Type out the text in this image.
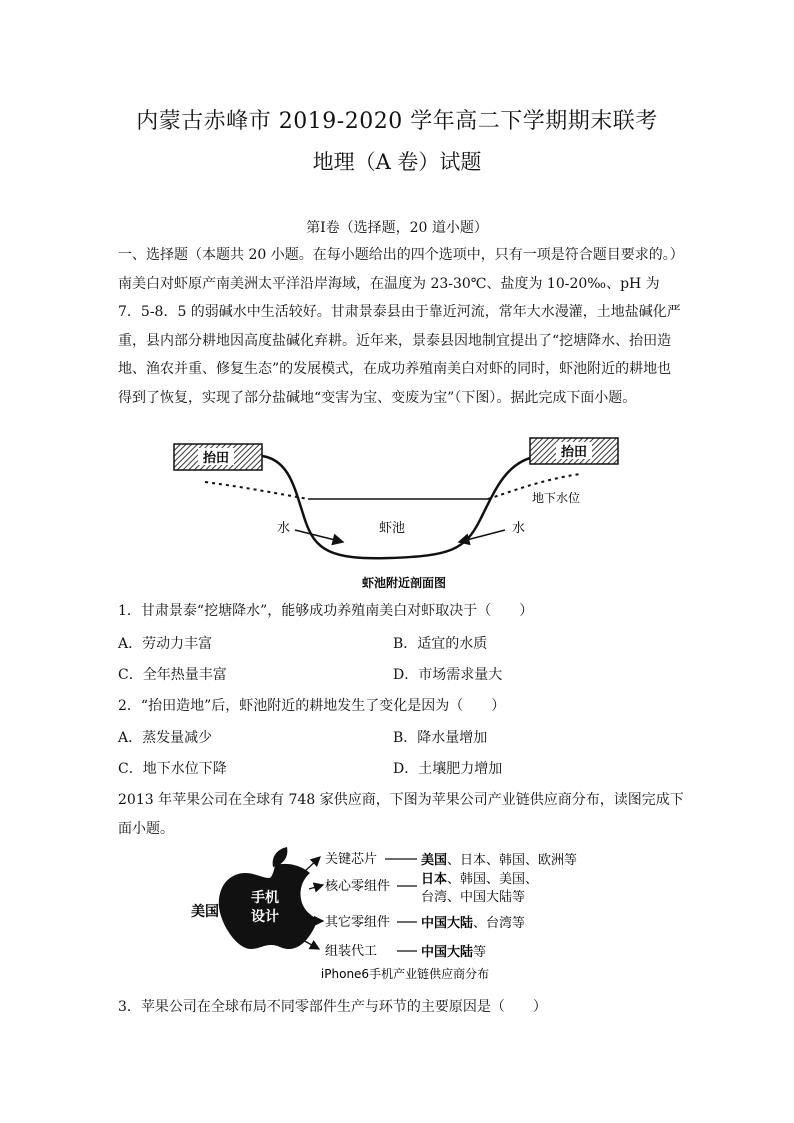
内蒙古赤峰市 2019-2020 学年高二下学期期末联考
地理（A 卷）试题
第Ⅰ卷（选择题，20 道小题）
一、选择题（本题共 20 小题。在每小题给出的四个选项中，只有一项是符合题目要求的。）
南美白对虾原产南美洲太平洋沿岸海域，在温度为 23-30℃、盐度为 10-20‰、pH 为
7．5-8．5 的弱碱水中生活较好。甘肃景泰县由于靠近河流，常年大水漫灌，土地盐碱化严
重，县内部分耕地因高度盐碱化弃耕。近年来，景泰县因地制宜提出了“挖塘降水、抬田造
地、渔农并重、修复生态”的发展模式，在成功养殖南美白对虾的同时，虾池附近的耕地也
得到了恢复，实现了部分盐碱地“变害为宝、变废为宝”（下图）。据此完成下面小题。
抬田	抬田
地下水位
虾池
水	水
虾池附近剖面图
1．甘肃景泰“挖塘降水”，能够成功养殖南美白对虾取决于（　　）
A．劳动力丰富	B．适宜的水质
C．全年热量丰富	D．市场需求量大
2．“抬田造地”后，虾池附近的耕地发生了变化是因为（　　）
A．蒸发量减少	B．降水量增加
C．地下水位下降	D．土壤肥力增加
2013 年苹果公司在全球有 748 家供应商，下图为苹果公司产业链供应商分布，读图完成下
面小题。
手机
设计
美国
关键芯片	美国、日本、韩国、欧洲等
核心零组件 日本、韩国、美国、
台湾、中国大陆等
其它零组件 中国大陆、台湾等
组装代工	中国大陆等
iPhone6手机产业链供应商分布
3．苹果公司在全球布局不同零部件生产与环节的主要原因是（　　）
